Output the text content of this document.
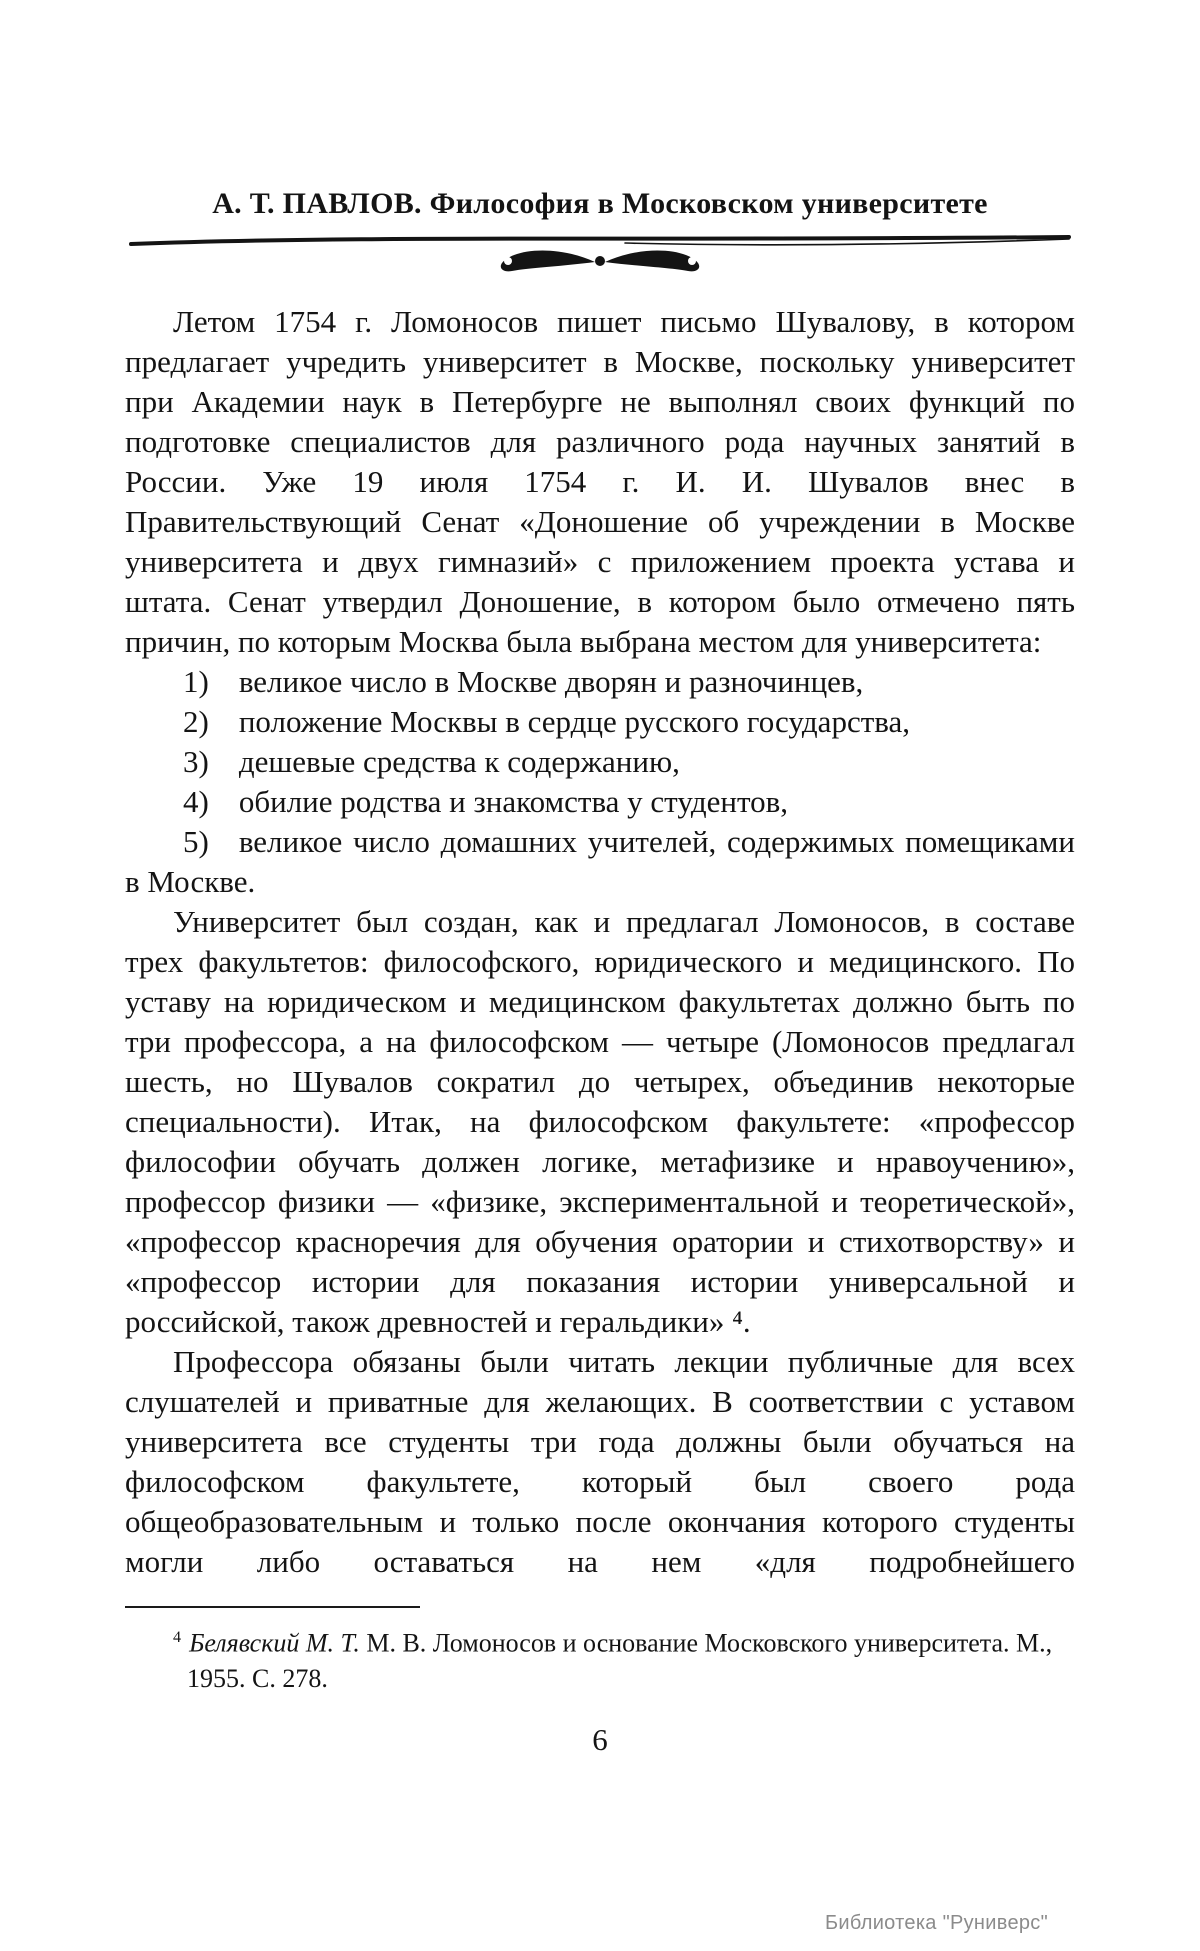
А. Т. ПАВЛОВ. Философия в Московском университете

Летом 1754 г. Ломоносов пишет письмо Шувалову, в котором предлагает учредить университет в Москве, поскольку университет при Академии наук в Петербурге не выполнял своих функций по подготовке специалистов для различного рода научных занятий в России. Уже 19 июля 1754 г. И. И. Шувалов внес в Правительствующий Сенат «Доношение об учреждении в Москве университета и двух гимназий» с приложением проекта устава и штата. Сенат утвердил Доношение, в котором было отмечено пять причин, по которым Москва была выбрана местом для университета:

1) великое число в Москве дворян и разночинцев,
2) положение Москвы в сердце русского государства,
3) дешевые средства к содержанию,
4) обилие родства и знакомства у студентов,
5) великое число домашних учителей, содержимых помещиками в Москве.

Университет был создан, как и предлагал Ломоносов, в составе трех факультетов: философского, юридического и медицинского. По уставу на юридическом и медицинском факультетах должно быть по три профессора, а на философском — четыре (Ломоносов предлагал шесть, но Шувалов сократил до четырех, объединив некоторые специальности). Итак, на философском факультете: «профессор философии обучать должен логике, метафизике и нравоучению», профессор физики — «физике, экспериментальной и теоретической», «профессор красноречия для обучения оратории и стихотворству» и «профессор истории для показания истории универсальной и российской, також древностей и геральдики» ⁴.

Профессора обязаны были читать лекции публичные для всех слушателей и приватные для желающих. В соответствии с уставом университета все студенты три года должны были обучаться на философском факультете, который был своего рода общеобразовательным и только после окончания которого студенты могли либо оставаться на нем «для подробнейшего

$^4$ Белявский М. Т. М. В. Ломоносов и основание Московского университета. М., 1955. С. 278.
6
Библиотека "Руниверс"
